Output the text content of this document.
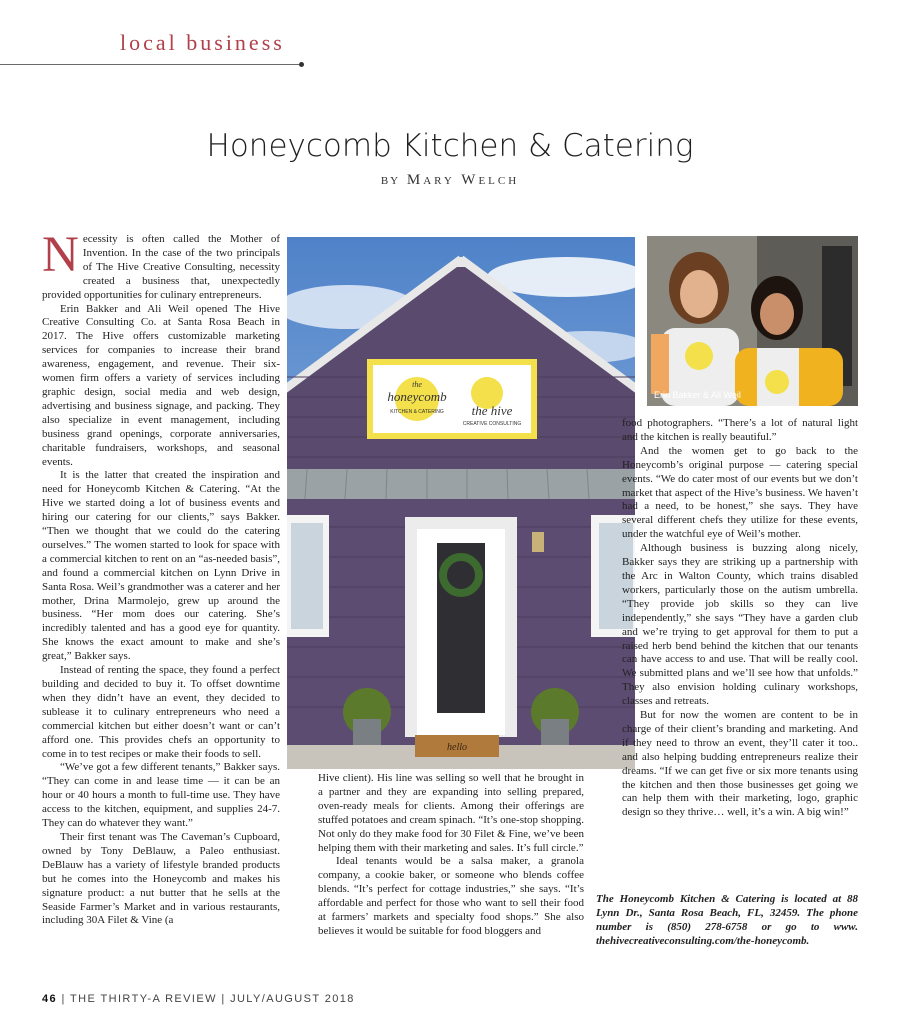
local business
Honeycomb Kitchen & Catering
BY Mary Welch

Necessity is often called the Mother of Invention. In the case of the two principals of The Hive Creative Consulting, necessity created a business that, unexpectedly provided opportunities for culinary entrepreneurs.

Erin Bakker and Ali Weil opened The Hive Creative Consulting Co. at Santa Rosa Beach in 2017. The Hive offers customizable marketing services for companies to increase their brand awareness, engagement, and revenue. Their six-women firm offers a variety of services including graphic design, social media and web design, advertising and business signage, and packing. They also specialize in event management, including business grand openings, corporate anniversaries, charitable fundraisers, workshops, and seasonal events.

It is the latter that created the inspiration and need for Honeycomb Kitchen & Catering. “At the Hive we started doing a lot of business events and hiring our catering for our clients,” says Bakker. “Then we thought that we could do the catering ourselves.” The women started to look for space with a commercial kitchen to rent on an “as-needed basis”, and found a commercial kitchen on Lynn Drive in Santa Rosa. Weil’s grandmother was a caterer and her mother, Drina Marmolejo, grew up around the business. “Her mom does our catering. She’s incredibly talented and has a good eye for quantity. She knows the exact amount to make and she’s great,” Bakker says.

Instead of renting the space, they found a perfect building and decided to buy it. To offset downtime when they didn’t have an event, they decided to sublease it to culinary entrepreneurs who need a commercial kitchen but either doesn’t want or can’t afford one. This provides chefs an opportunity to come in to test recipes or make their foods to sell.

“We’ve got a few different tenants,” Bakker says. “They can come in and lease time — it can be an hour or 40 hours a month to full-time use. They have access to the kitchen, equipment, and supplies 24-7. They can do whatever they want.”

Their first tenant was The Caveman’s Cupboard, owned by Tony DeBlauw, a Paleo enthusiast. DeBlauw has a variety of lifestyle branded products but he comes into the Honeycomb and makes his signature product: a nut butter that he sells at the Seaside Farmer’s Market and in various restaurants, including 30A Filet & Vine (a

the
honeycomb
KITCHEN & CATERING the hive
CREATIVE CONSULTING
hello
Erin Bakker & Ali Weil

Hive client). His line was selling so well that he brought in a partner and they are expanding into selling prepared, oven-ready meals for clients. Among their offerings are stuffed potatoes and cream spinach. “It’s one-stop shopping. Not only do they make food for 30 Filet & Fine, we’ve been helping them with their marketing and sales. It’s full circle.”

Ideal tenants would be a salsa maker, a granola company, a cookie baker, or someone who blends coffee blends. “It’s perfect for cottage industries,” she says. “It’s affordable and perfect for those who want to sell their food at farmers’ markets and specialty food shops.” She also believes it would be suitable for food bloggers and

food photographers. “There’s a lot of natural light and the kitchen is really beautiful.”

And the women get to go back to the Honeycomb’s original purpose — catering special events. “We do cater most of our events but we don’t market that aspect of the Hive’s business. We haven’t had a need, to be honest,” she says. They have several different chefs they utilize for these events, under the watchful eye of Weil’s mother.

Although business is buzzing along nicely, Bakker says they are striking up a partnership with the Arc in Walton County, which trains disabled workers, particularly those on the autism umbrella. “They provide job skills so they can live independently,” she says “They have a garden club and we’re trying to get approval for them to put a raised herb bend behind the kitchen that our tenants can have access to and use. That will be really cool. We submitted plans and we’ll see how that unfolds.” They also envision holding culinary workshops, classes and retreats.

But for now the women are content to be in charge of their client’s branding and marketing. And if they need to throw an event, they’ll cater it too.. and also helping budding entrepreneurs realize their dreams. “If we can get five or six more tenants using the kitchen and then those businesses get going we can help them with their marketing, logo, graphic design so they thrive… well, it’s a win. A big win!”

The Honeycomb Kitchen & Catering is located at 88 Lynn Dr., Santa Rosa Beach, FL, 32459. The phone number is (850) 278-6758 or go to www. thehivecreativeconsulting.com/the-honeycomb.
46 | THE THIRTY-A REVIEW | JULY/AUGUST 2018
